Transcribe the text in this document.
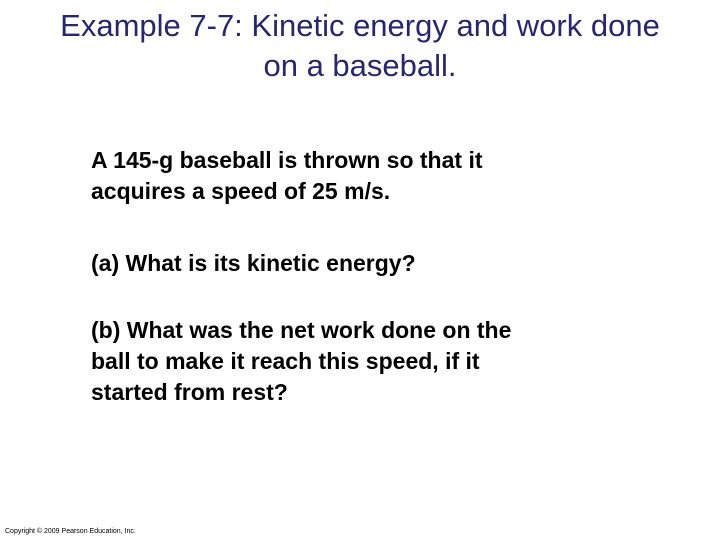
Example 7-7: Kinetic energy and work done
on a baseball.

A 145-g baseball is thrown so that it
acquires a speed of 25 m/s.

(a) What is its kinetic energy?

(b) What was the net work done on the
ball to make it reach this speed, if it
started from rest?

Copyright © 2009 Pearson Education, Inc.
